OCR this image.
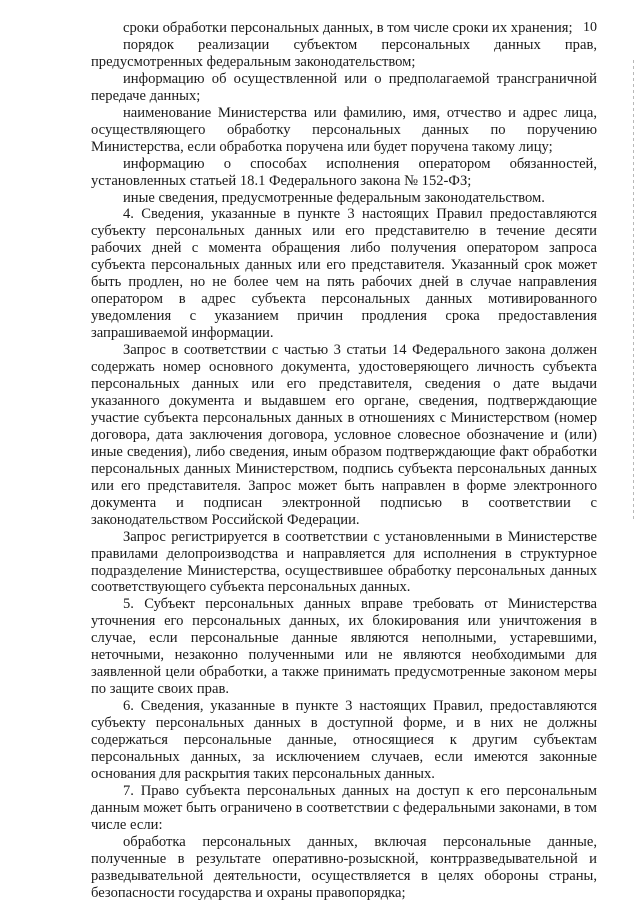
10

сроки обработки персональных данных, в том числе сроки их хранения;

порядок реализации субъектом персональных данных прав, предусмотренных федеральным законодательством;

информацию об осуществленной или о предполагаемой трансграничной передаче данных;

наименование Министерства или фамилию, имя, отчество и адрес лица, осуществляющего обработку персональных данных по поручению Министерства, если обработка поручена или будет поручена такому лицу;

информацию о способах исполнения оператором обязанностей, установленных статьей 18.1 Федерального закона № 152-ФЗ;

иные сведения, предусмотренные федеральным законодательством.

4. Сведения, указанные в пункте 3 настоящих Правил предоставляются субъекту персональных данных или его представителю в течение десяти рабочих дней с момента обращения либо получения оператором запроса субъекта персональных данных или его представителя. Указанный срок может быть продлен, но не более чем на пять рабочих дней в случае направления оператором в адрес субъекта персональных данных мотивированного уведомления с указанием причин продления срока предоставления запрашиваемой информации.

Запрос в соответствии с частью 3 статьи 14 Федерального закона должен содержать номер основного документа, удостоверяющего личность субъекта персональных данных или его представителя, сведения о дате выдачи указанного документа и выдавшем его органе, сведения, подтверждающие участие субъекта персональных данных в отношениях с Министерством (номер договора, дата заключения договора, условное словесное обозначение и (или) иные сведения), либо сведения, иным образом подтверждающие факт обработки персональных данных Министерством, подпись субъекта персональных данных или его представителя. Запрос может быть направлен в форме электронного документа и подписан электронной подписью в соответствии с законодательством Российской Федерации.

Запрос регистрируется в соответствии с установленными в Министерстве правилами делопроизводства и направляется для исполнения в структурное подразделение Министерства, осуществившее обработку персональных данных соответствующего субъекта персональных данных.

5. Субъект персональных данных вправе требовать от Министерства уточнения его персональных данных, их блокирования или уничтожения в случае, если персональные данные являются неполными, устаревшими, неточными, незаконно полученными или не являются необходимыми для заявленной цели обработки, а также принимать предусмотренные законом меры по защите своих прав.

6. Сведения, указанные в пункте 3 настоящих Правил, предоставляются субъекту персональных данных в доступной форме, и в них не должны содержаться персональные данные, относящиеся к другим субъектам персональных данных, за исключением случаев, если имеются законные основания для раскрытия таких персональных данных.

7. Право субъекта персональных данных на доступ к его персональным данным может быть ограничено в соответствии с федеральными законами, в том числе если:

обработка персональных данных, включая персональные данные, полученные в результате оперативно-розыскной, контрразведывательной и разведывательной деятельности, осуществляется в целях обороны страны, безопасности государства и охраны правопорядка;
